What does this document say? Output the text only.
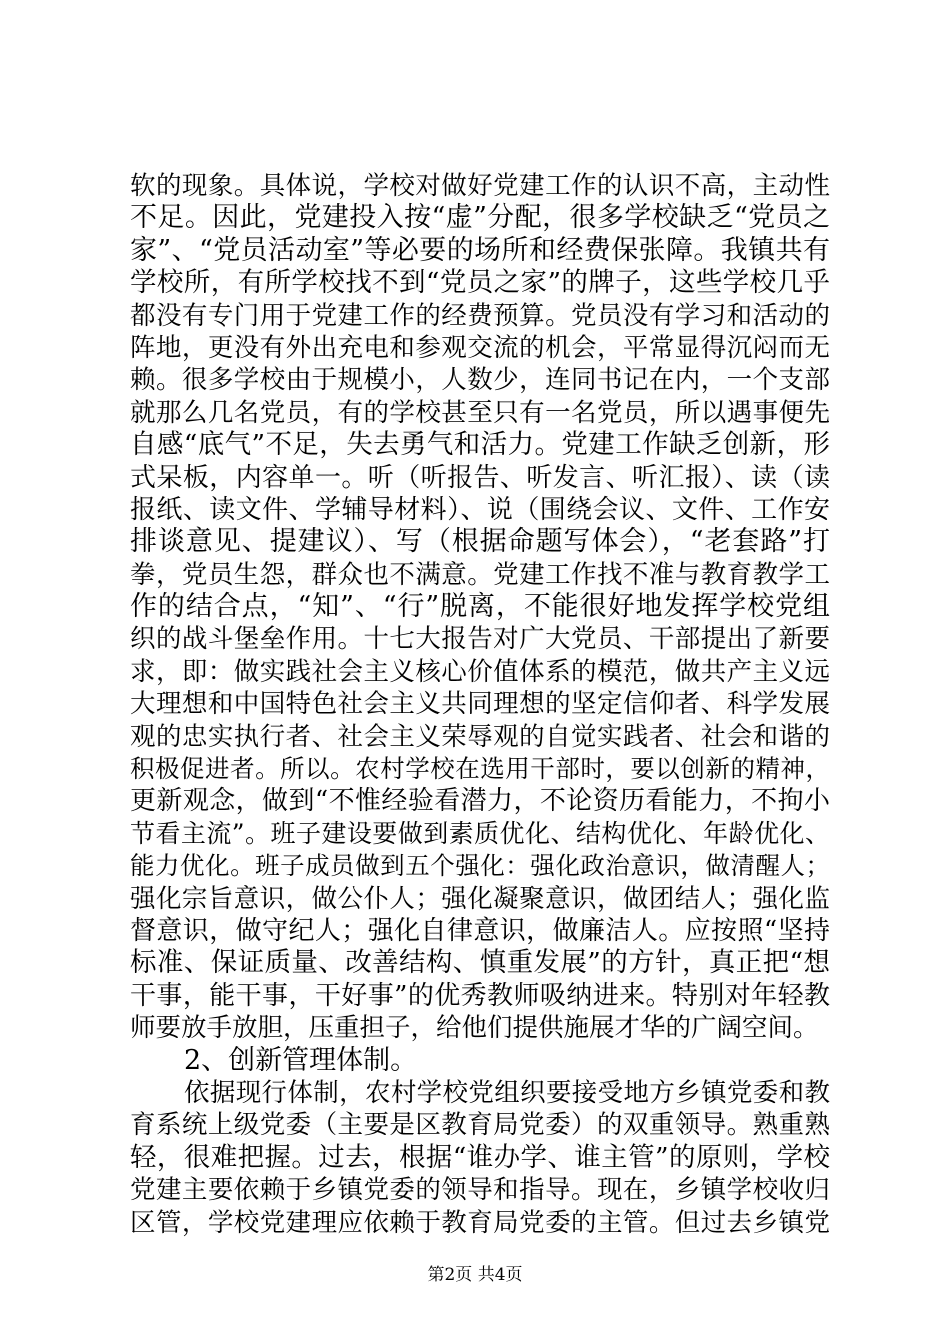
软的现象。具体说，学校对做好党建工作的认识不高，主动性
不足。因此，党建投入按“虚”分配，很多学校缺乏“党员之
家”、“党员活动室”等必要的场所和经费保张障。我镇共有
学校所，有所学校找不到“党员之家”的牌子，这些学校几乎
都没有专门用于党建工作的经费预算。党员没有学习和活动的
阵地，更没有外出充电和参观交流的机会，平常显得沉闷而无
赖。很多学校由于规模小，人数少，连同书记在内，一个支部
就那么几名党员，有的学校甚至只有一名党员，所以遇事便先
自感“底气”不足，失去勇气和活力。党建工作缺乏创新，形
式呆板，内容单一。听（听报告、听发言、听汇报）、读（读
报纸、读文件、学辅导材料）、说（围绕会议、文件、工作安
排谈意见、提建议）、写（根据命题写体会），“老套路”打
拳，党员生怨，群众也不满意。党建工作找不准与教育教学工
作的结合点，“知”、“行”脱离，不能很好地发挥学校党组
织的战斗堡垒作用。十七大报告对广大党员、干部提出了新要
求，即：做实践社会主义核心价值体系的模范，做共产主义远
大理想和中国特色社会主义共同理想的坚定信仰者、科学发展
观的忠实执行者、社会主义荣辱观的自觉实践者、社会和谐的
积极促进者。所以。农村学校在选用干部时，要以创新的精神，
更新观念，做到“不惟经验看潜力，不论资历看能力，不拘小
节看主流”。班子建设要做到素质优化、结构优化、年龄优化、
能力优化。班子成员做到五个强化：强化政治意识，做清醒人；
强化宗旨意识，做公仆人；强化凝聚意识，做团结人；强化监
督意识，做守纪人；强化自律意识，做廉洁人。应按照“坚持
标准、保证质量、改善结构、慎重发展”的方针，真正把“想
干事，能干事，干好事”的优秀教师吸纳进来。特别对年轻教
师要放手放胆，压重担子，给他们提供施展才华的广阔空间。
2、创新管理体制。
依据现行体制，农村学校党组织要接受地方乡镇党委和教
育系统上级党委（主要是区教育局党委）的双重领导。熟重熟
轻，很难把握。过去，根据“谁办学、谁主管”的原则，学校
党建主要依赖于乡镇党委的领导和指导。现在，乡镇学校收归
区管，学校党建理应依赖于教育局党委的主管。但过去乡镇党
第2页 共4页
